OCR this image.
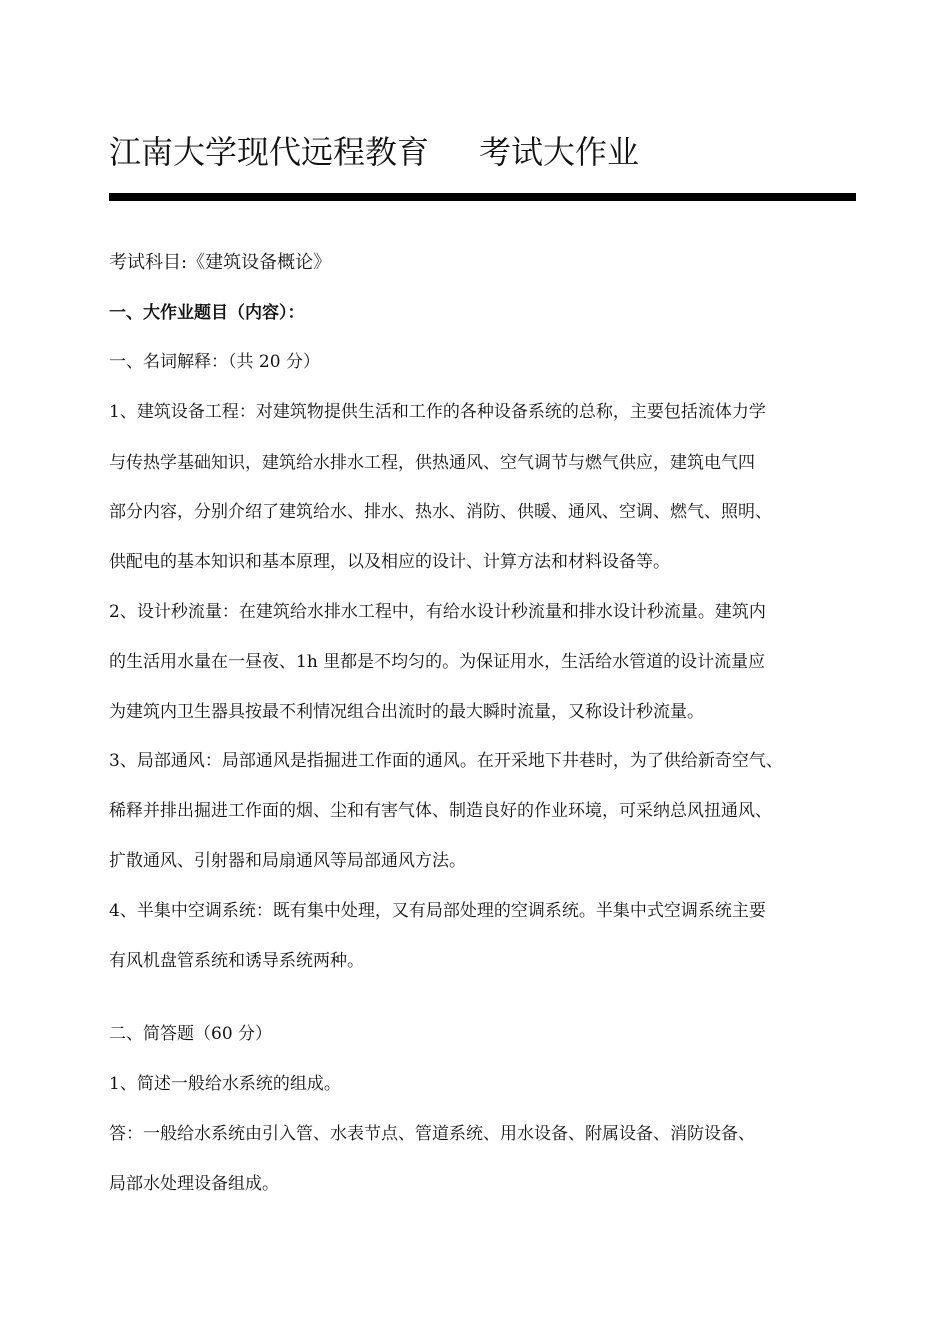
江南大学现代远程教育 考试大作业
考试科目:《建筑设备概论》
一、大作业题目（内容）：
一、名词解释：（共 20 分）
1、建筑设备工程：对建筑物提供生活和工作的各种设备系统的总称，主要包括流体力学
与传热学基础知识，建筑给水排水工程，供热通风、空气调节与燃气供应，建筑电气四
部分内容，分别介绍了建筑给水、排水、热水、消防、供暖、通风、空调、燃气、照明、
供配电的基本知识和基本原理，以及相应的设计、计算方法和材料设备等。
2、设计秒流量：在建筑给水排水工程中，有给水设计秒流量和排水设计秒流量。建筑内
的生活用水量在一昼夜、1h 里都是不均匀的。为保证用水，生活给水管道的设计流量应
为建筑内卫生器具按最不利情况组合出流时的最大瞬时流量，又称设计秒流量。
3、局部通风：局部通风是指掘进工作面的通风。在开采地下井巷时，为了供给新奇空气、
稀释并排出掘进工作面的烟、尘和有害气体、制造良好的作业环境，可采纳总风扭通风、
扩散通风、引射器和局扇通风等局部通风方法。
4、半集中空调系统：既有集中处理，又有局部处理的空调系统。半集中式空调系统主要
有风机盘管系统和诱导系统两种。
二、简答题（60 分）
1、简述一般给水系统的组成。
答：一般给水系统由引入管、水表节点、管道系统、用水设备、附属设备、消防设备、
局部水处理设备组成。
